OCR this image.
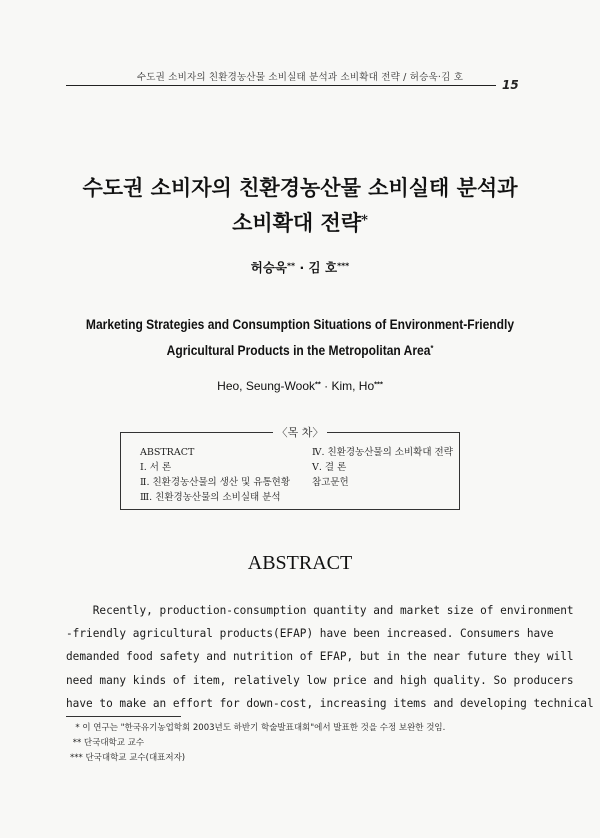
수도권 소비자의 친환경농산물 소비실태 분석과 소비확대 전략 / 허승욱·김 호
15
수도권 소비자의 친환경농산물 소비실태 분석과
소비확대 전략*
허승욱** · 김 호***
Marketing Strategies and Consumption Situations of Environment-Friendly
Agricultural Products in the Metropolitan Area*
Heo, Seung-Wook** · Kim, Ho***
〈목 차〉
ABSTRACT
Ⅰ. 서 론
Ⅱ. 친환경농산물의 생산 및 유통현황
Ⅲ. 친환경농산물의 소비실태 분석
Ⅳ. 친환경농산물의 소비확대 전략
Ⅴ. 결 론
참고문헌
ABSTRACT
Recently, production-consumption quantity and market size of environment
-friendly agricultural products(EFAP) have been increased. Consumers have
demanded food safety and nutrition of EFAP, but in the near future they will
need many kinds of item, relatively low price and high quality. So producers
have to make an effort for down-cost, increasing items and developing technical
* 이 연구는 "한국유기농업학회 2003년도 하반기 학술발표대회"에서 발표한 것을 수정 보완한 것임.
** 단국대학교 교수
*** 단국대학교 교수(대표저자)
